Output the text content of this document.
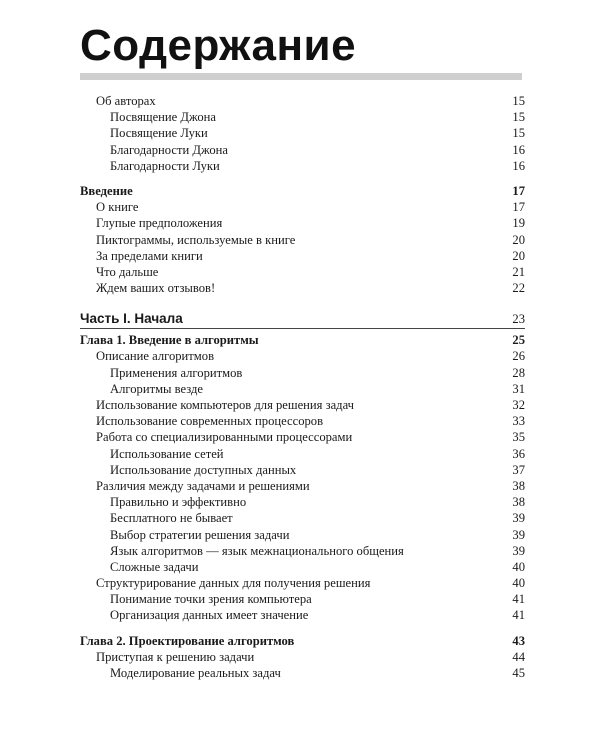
Содержание
Об авторах	15
Посвящение Джона	15
Посвящение Луки	15
Благодарности Джона	16
Благодарности Луки	16
Введение	17
О книге	17
Глупые предположения	19
Пиктограммы, используемые в книге	20
За пределами книги	20
Что дальше	21
Ждем ваших отзывов!	22
Часть I. Начала	23
Глава 1. Введение в алгоритмы	25
Описание алгоритмов	26
Применения алгоритмов	28
Алгоритмы везде	31
Использование компьютеров для решения задач	32
Использование современных процессоров	33
Работа со специализированными процессорами	35
Использование сетей	36
Использование доступных данных	37
Различия между задачами и решениями	38
Правильно и эффективно	38
Бесплатного не бывает	39
Выбор стратегии решения задачи	39
Язык алгоритмов — язык межнационального общения	39
Сложные задачи	40
Структурирование данных для получения решения	40
Понимание точки зрения компьютера	41
Организация данных имеет значение	41
Глава 2. Проектирование алгоритмов	43
Приступая к решению задачи	44
Моделирование реальных задач	45
